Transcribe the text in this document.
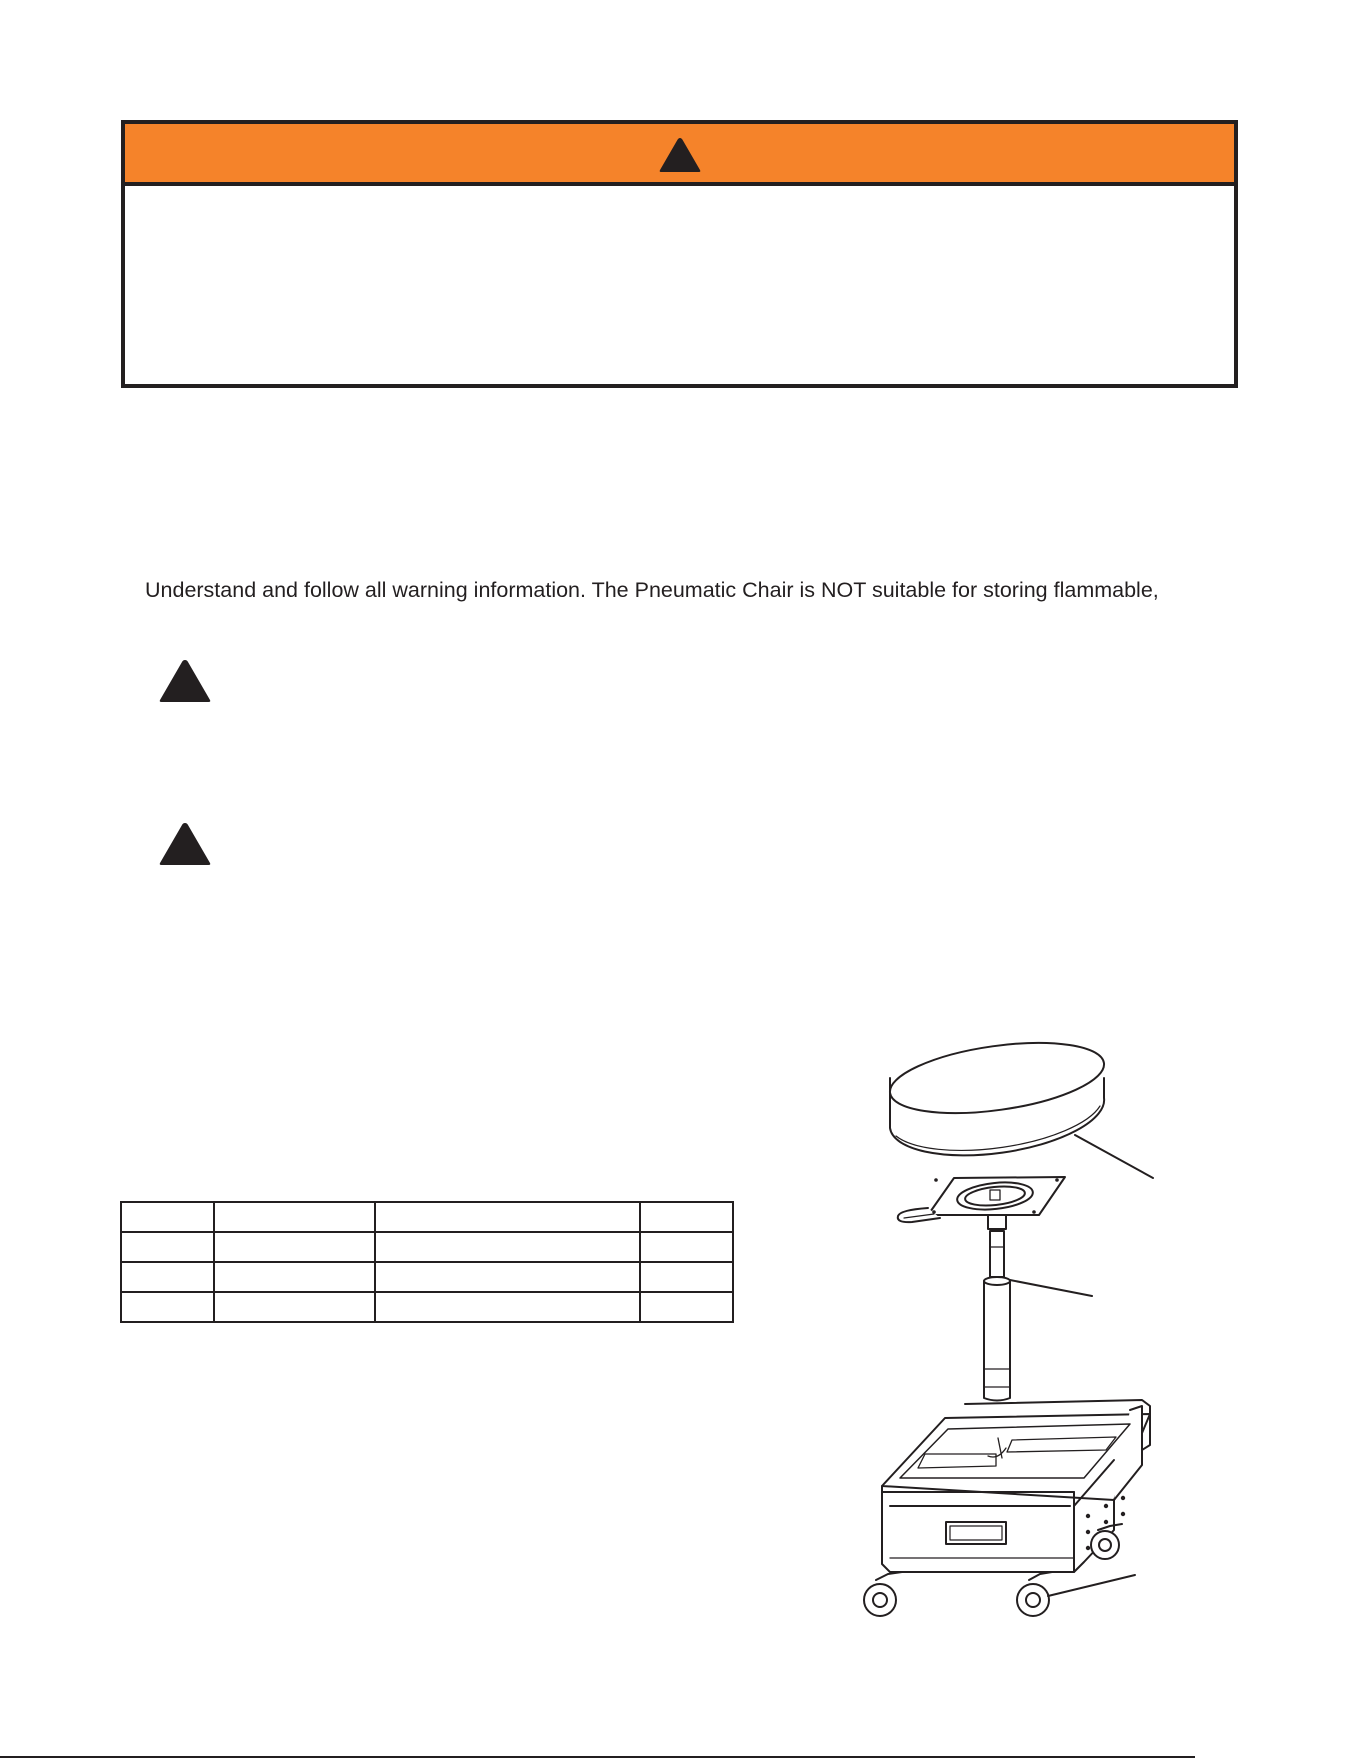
Understand and follow all warning information. The Pneumatic Chair is NOT suitable for storing flammable,
